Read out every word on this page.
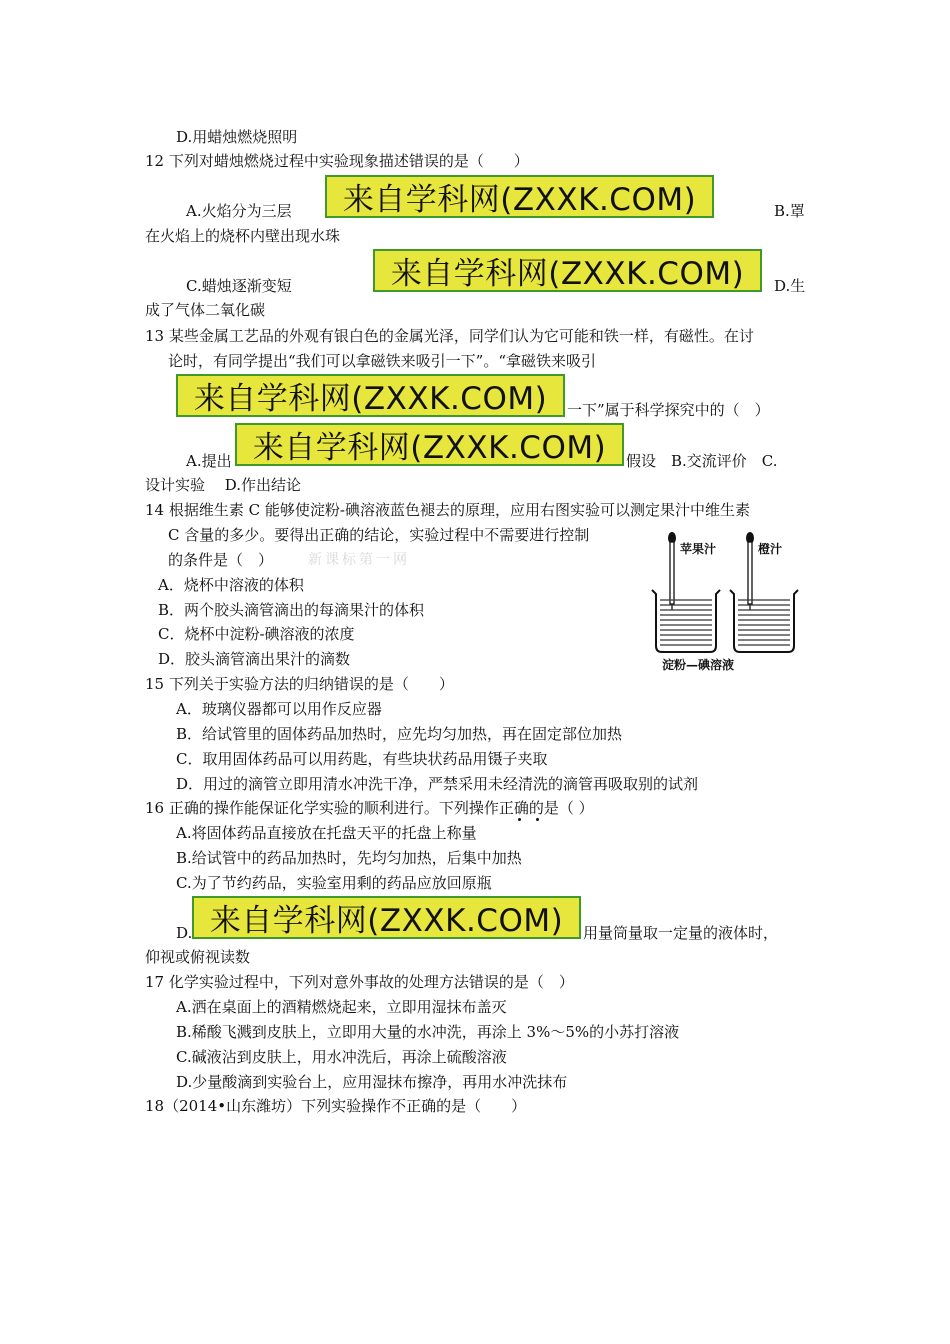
D.用蜡烛燃烧照明
12 下列对蜡烛燃烧过程中实验现象描述错误的是（　　）
A.火焰分为三层 来自学科网(ZXXK.COM)	B.罩
在火焰上的烧杯内壁出现水珠
C.蜡烛逐渐变短	来自学科网(ZXXK.COM) D.生
成了气体二氧化碳
13 某些金属工艺品的外观有银白色的金属光泽，同学们认为它可能和铁一样，有磁性。在讨
论时，有同学提出“我们可以拿磁铁来吸引一下”。“拿磁铁来吸引
来自学科网(ZXXK.COM) 一下”属于科学探究中的（　）
A.提出 来自学科网(ZXXK.COM) 假设　B.交流评价　C.
设计实验　 D.作出结论
14 根据维生素 C 能够使淀粉-碘溶液蓝色褪去的原理，应用右图实验可以测定果汁中维生素
C 含量的多少。要得出正确的结论，实验过程中不需要进行控制
的条件是（　） 新课标第一网
A．烧杯中溶液的体积
B．两个胶头滴管滴出的每滴果汁的体积
C．烧杯中淀粉-碘溶液的浓度
D．胶头滴管滴出果汁的滴数
苹果汁	橙汁
淀粉—碘溶液
15 下列关于实验方法的归纳错误的是（　　）
A．玻璃仪器都可以用作反应器
B．给试管里的固体药品加热时，应先均匀加热，再在固定部位加热
C．取用固体药品可以用药匙，有些块状药品用镊子夹取
D．用过的滴管立即用清水冲洗干净，严禁采用未经清洗的滴管再吸取别的试剂
16 正确的操作能保证化学实验的顺利进行。下列操作正确的是（ ）
A.将固体药品直接放在托盘天平的托盘上称量
B.给试管中的药品加热时，先均匀加热，后集中加热
C.为了节约药品，实验室用剩的药品应放回原瓶
D. 来自学科网(ZXXK.COM) 用量筒量取一定量的液体时，
仰视或俯视读数
17 化学实验过程中，下列对意外事故的处理方法错误的是（　）
A.洒在桌面上的酒精燃烧起来，立即用湿抹布盖灭
B.稀酸飞溅到皮肤上，立即用大量的水冲洗，再涂上 3%～5%的小苏打溶液
C.碱液沾到皮肤上，用水冲洗后，再涂上硫酸溶液
D.少量酸滴到实验台上，应用湿抹布擦净，再用水冲洗抹布
18（2014•山东潍坊）下列实验操作不正确的是（　　）
